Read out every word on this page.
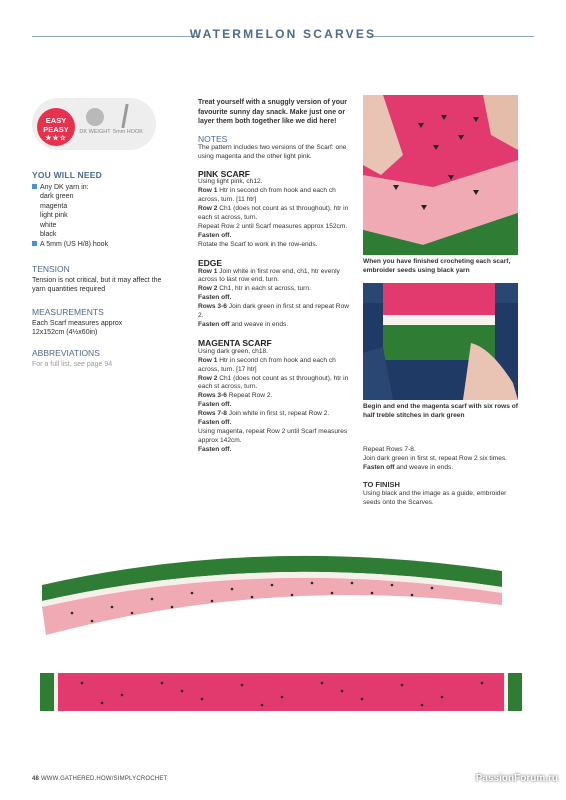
WATERMELON SCARVES
EASY PEASY
★★☆
DK WEIGHT 5mm HOOK
YOU WILL NEED
Any DK yarn in:
dark green
magenta
light pink
white
black
A 5mm (US H/8) hook
TENSION
Tension is not critical, but it may affect the yarn quantities required
MEASUREMENTS
Each Scarf measures approx 12x152cm (4½x60in)
ABBREVIATIONS
For a full list, see page 94
Treat yourself with a snuggly version of your favourite sunny day snack. Make just one or layer them both together like we did here!
NOTES
The pattern includes two versions of the Scarf: one using magenta and the other light pink.
PINK SCARF
Using light pink, ch12.
Row 1 Htr in second ch from hook and each ch across, turn. [11 htr]
Row 2 Ch1 (does not count as st throughout), htr in each st across, turn.
Repeat Row 2 until Scarf measures approx 152cm.
Fasten off.
Rotate the Scarf to work in the row-ends.
EDGE
Row 1 Join white in first row end, ch1, htr evenly across to last row end, turn.
Row 2 Ch1, htr in each st across, turn.
Fasten off.
Rows 3-6 Join dark green in first st and repeat Row 2.
Fasten off and weave in ends.
MAGENTA SCARF
Using dark green, ch18.
Row 1 Htr in second ch from hook and each ch across, turn. [17 htr]
Row 2 Ch1 (does not count as st throughout), htr in each st across, turn.
Rows 3-6 Repeat Row 2.
Fasten off.
Rows 7-8 Join white in first st, repeat Row 2.
Fasten off.
Using magenta, repeat Row 2 until Scarf measures approx 142cm.
Fasten off.
When you have finished crocheting each scarf, embroider seeds using black yarn
Begin and end the magenta scarf with six rows of half treble stitches in dark green
Repeat Rows 7-8.
Join dark green in first st, repeat Row 2 six times.
Fasten off and weave in ends.
TO FINISH
Using black and the image as a guide, embroider seeds onto the Scarves.
48 WWW.GATHERED.HOW/SIMPLYCROCHET	PassionForum.ru
